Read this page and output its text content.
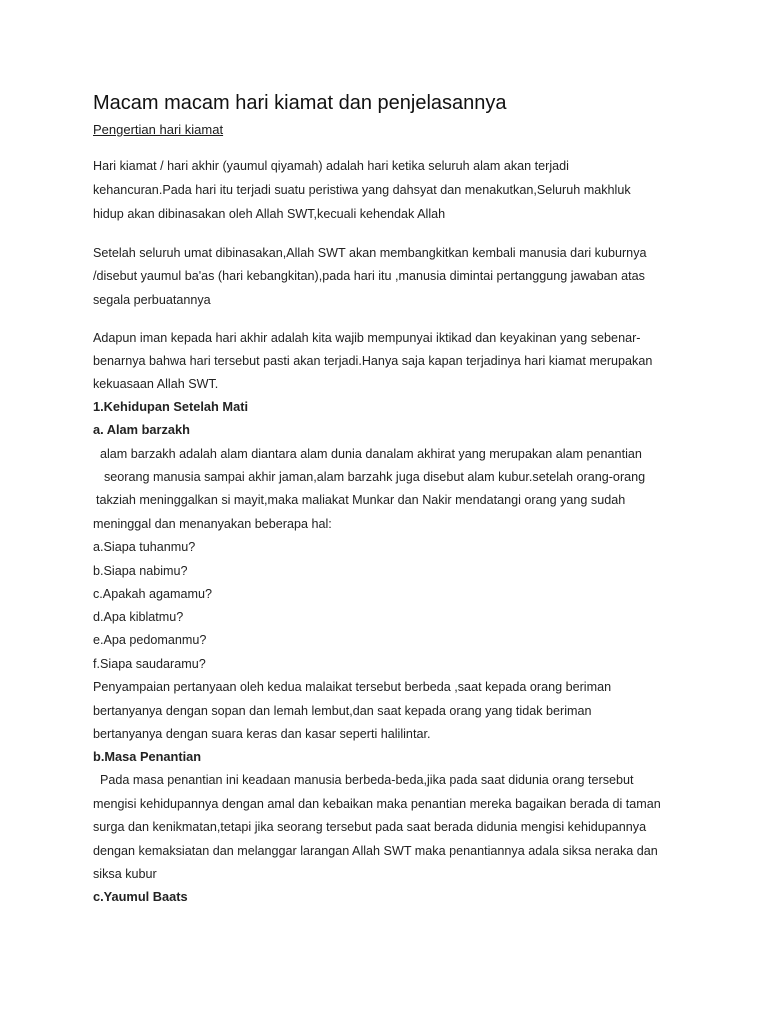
Macam macam hari kiamat dan penjelasannya
Pengertian hari kiamat
Hari kiamat / hari akhir (yaumul qiyamah) adalah hari ketika seluruh alam akan terjadi
kehancuran.Pada hari itu terjadi suatu peristiwa yang dahsyat dan menakutkan,Seluruh makhluk
hidup akan dibinasakan oleh Allah SWT,kecuali kehendak Allah
Setelah seluruh umat dibinasakan,Allah SWT akan membangkitkan kembali manusia dari kuburnya
/disebut yaumul ba'as (hari kebangkitan),pada hari itu ,manusia dimintai pertanggung jawaban atas
segala perbuatannya
Adapun iman kepada hari akhir adalah kita wajib mempunyai iktikad dan keyakinan yang sebenar-
benarnya bahwa hari tersebut pasti akan terjadi.Hanya saja kapan terjadinya hari kiamat merupakan
kekuasaan Allah SWT.
1.Kehidupan Setelah Mati
a. Alam barzakh
alam barzakh adalah alam diantara alam dunia danalam akhirat yang merupakan alam penantian
seorang manusia sampai akhir jaman,alam barzahk juga disebut alam kubur.setelah orang-orang
takziah meninggalkan si mayit,maka maliakat Munkar dan Nakir mendatangi orang yang sudah
meninggal dan menanyakan beberapa hal:
a.Siapa tuhanmu?
b.Siapa nabimu?
c.Apakah agamamu?
d.Apa kiblatmu?
e.Apa pedomanmu?
f.Siapa saudaramu?
Penyampaian pertanyaan oleh kedua malaikat tersebut berbeda ,saat kepada orang beriman
bertanyanya dengan sopan dan lemah lembut,dan saat kepada orang yang tidak beriman
bertanyanya dengan suara keras dan kasar seperti halilintar.
b.Masa Penantian
Pada masa penantian ini keadaan manusia berbeda-beda,jika pada saat didunia orang tersebut
mengisi kehidupannya dengan amal dan kebaikan maka penantian mereka bagaikan berada di taman
surga dan kenikmatan,tetapi jika seorang tersebut pada saat berada didunia mengisi kehidupannya
dengan kemaksiatan dan melanggar larangan Allah SWT maka penantiannya adala siksa neraka dan
siksa kubur
c.Yaumul Baats
